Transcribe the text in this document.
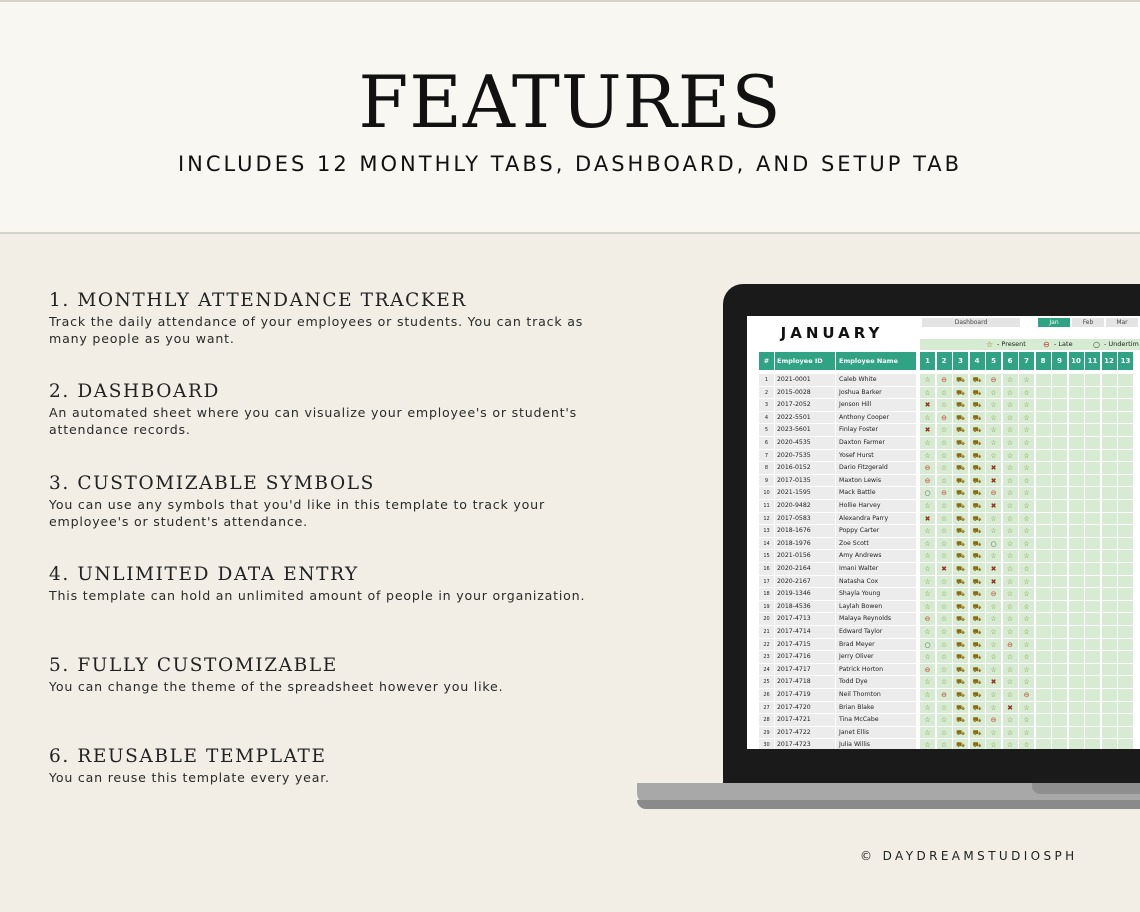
FEATURES
INCLUDES 12 MONTHLY TABS, DASHBOARD, AND SETUP TAB
1. MONTHLY ATTENDANCE TRACKER
Track the daily attendance of your employees or students. You can track as many people as you want.
2. DASHBOARD
An automated sheet where you can visualize your employee's or student's attendance records.
3. CUSTOMIZABLE SYMBOLS
You can use any symbols that you'd like in this template to track your employee's or student's attendance.
4. UNLIMITED DATA ENTRY
This template can hold an unlimited amount of people in your organization.
5. FULLY CUSTOMIZABLE
You can change the theme of the spreadsheet however you like.
6. REUSABLE TEMPLATE
You can reuse this template every year.
JANUARY
Dashboard	Jan	Feb	Mar
☆ - Present ⊖ - Late	○ - Undertim
#	Employee ID	Employee Name	1	2	3	4	5	6	7	8	9	10 11 12 13
1	2021-0001	Caleb White	☆	⊖	⛟	⛟	⊖	☆	☆
2	2015-0028	Joshua Barker	☆	☆	⛟	⛟	☆	☆	☆
3	2017-2052	Jenson Hill	✖	☆	⛟	⛟	☆	☆	☆
4	2022-5501	Anthony Cooper	☆	⊖	⛟	⛟	☆	☆	☆
5	2023-5601	Finlay Foster	✖	☆	⛟	⛟	☆	☆	☆
6	2020-4535	Daxton Farmer	☆	☆	⛟	⛟	☆	☆	☆
7	2020-7535	Yosef Hurst	☆	☆	⛟	⛟	☆	☆	☆
8	2016-0152	Dario Fitzgerald	⊖	☆	⛟	⛟	✖	☆	☆
9	2017-0135	Maxton Lewis	⊖	☆	⛟	⛟	✖	☆	☆
10	2021-1595	Mack Battle	○	⊖	⛟	⛟	⊖	☆	☆
11	2020-9482	Hollie Harvey	☆	☆	⛟	⛟	✖	☆	☆
12	2017-0583	Alexandra Parry	✖	☆	⛟	⛟	☆	☆	☆
13	2018-1676	Poppy Carter	☆	☆	⛟	⛟	☆	☆	☆
14	2018-1976	Zoe Scott	☆	☆	⛟	⛟	○	☆	☆
15	2021-0156	Amy Andrews	☆	☆	⛟	⛟	☆	☆	☆
16	2020-2164	Imani Walter	☆	✖	⛟	⛟	✖	☆	☆
17	2020-2167	Natasha Cox	☆	☆	⛟	⛟	✖	☆	☆
18	2019-1346	Shayla Young	☆	☆	⛟	⛟	⊖	☆	☆
19	2018-4536	Laylah Bowen	☆	☆	⛟	⛟	☆	☆	☆
20	2017-4713	Malaya Reynolds	⊖	☆	⛟	⛟	☆	☆	☆
21	2017-4714	Edward Taylor	☆	☆	⛟	⛟	☆	☆	☆
22	2017-4715	Brad Meyer	○	☆	⛟	⛟	☆	⊖	☆
23	2017-4716	Jerry Oliver	☆	☆	⛟	⛟	☆	☆	☆
24	2017-4717	Patrick Horton	⊖	☆	⛟	⛟	☆	☆	☆
25	2017-4718	Todd Dye	☆	☆	⛟	⛟	✖	☆	☆
26	2017-4719	Neil Thornton	☆	⊖	⛟	⛟	☆	☆	⊖
27	2017-4720	Brian Blake	☆	☆	⛟	⛟	☆	✖	☆
28	2017-4721	Tina McCabe	☆	☆	⛟	⛟	⊖	☆	☆
29	2017-4722	Janet Ellis	☆	☆	⛟	⛟	☆	☆	☆
30	2017-4723	Julia Willis	☆	☆	⛟	⛟	☆	☆	☆
© DAYDREAMSTUDIOSPH
